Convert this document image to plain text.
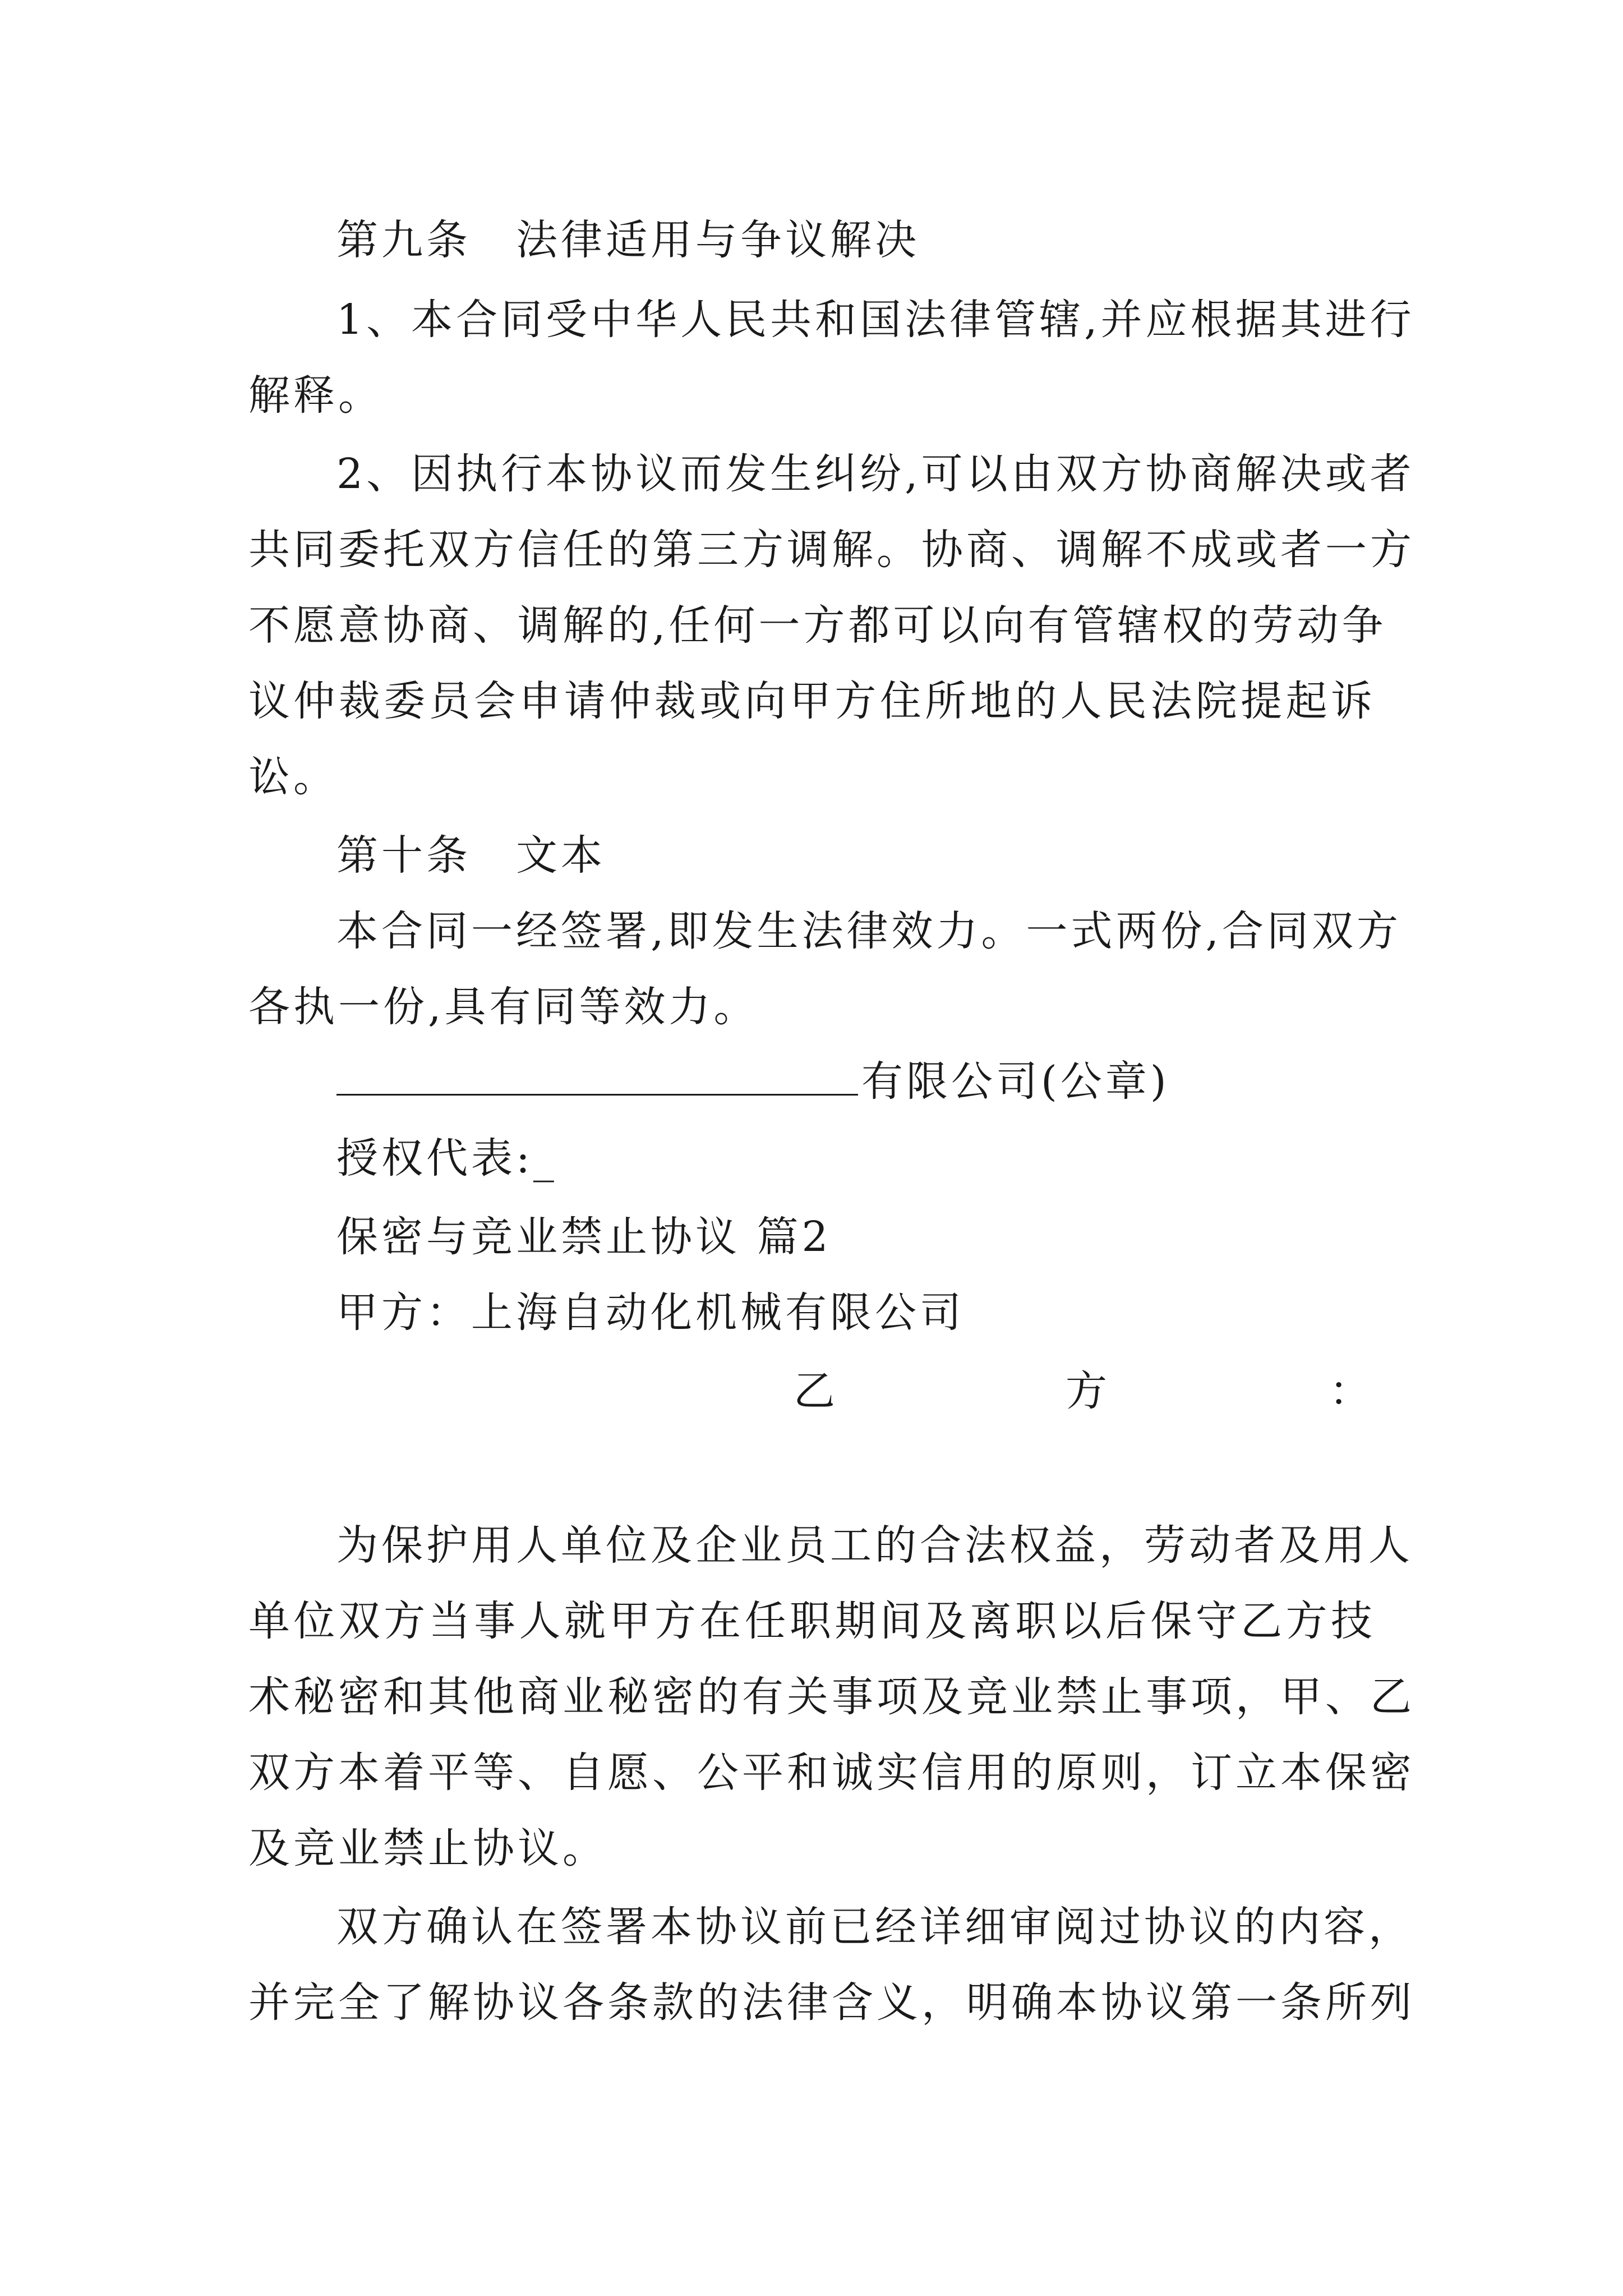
第九条　法律适用与争议解决
1、本合同受中华人民共和国法律管辖,并应根据其进行
解释。
2、因执行本协议而发生纠纷,可以由双方协商解决或者
共同委托双方信任的第三方调解。协商、调解不成或者一方
不愿意协商、调解的,任何一方都可以向有管辖权的劳动争
议仲裁委员会申请仲裁或向甲方住所地的人民法院提起诉
讼。
第十条　文本
本合同一经签署,即发生法律效力。一式两份,合同双方
各执一份,具有同等效力。
有限公司(公章)
授权代表:_
保密与竞业禁止协议 篇2
甲方：上海自动化机械有限公司
乙	方	：
为保护用人单位及企业员工的合法权益，劳动者及用人
单位双方当事人就甲方在任职期间及离职以后保守乙方技
术秘密和其他商业秘密的有关事项及竞业禁止事项，甲、乙
双方本着平等、自愿、公平和诚实信用的原则，订立本保密
及竞业禁止协议。
双方确认在签署本协议前已经详细审阅过协议的内容，
并完全了解协议各条款的法律含义，明确本协议第一条所列
